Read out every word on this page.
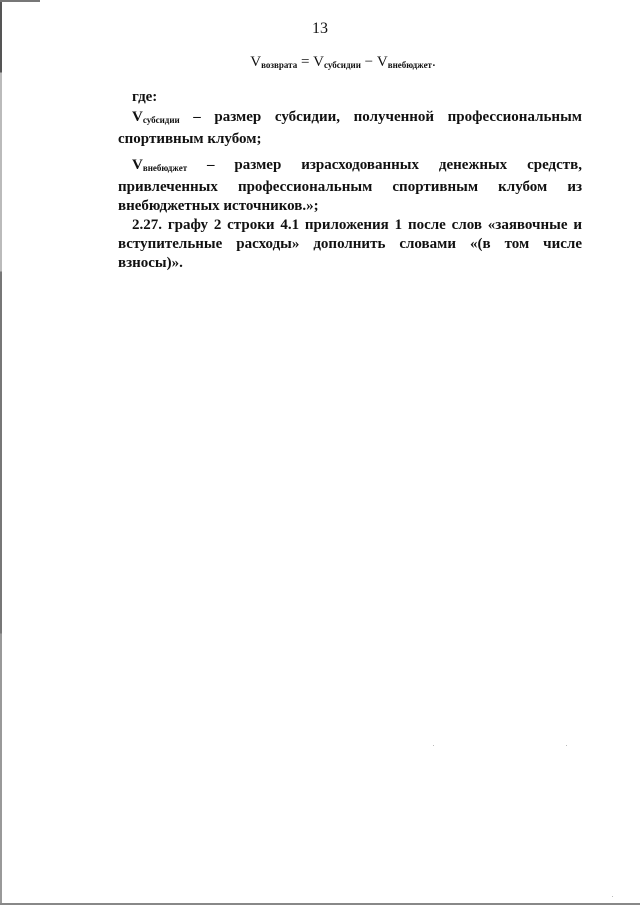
13
$V_{возврата} = V_{субсидии} - V_{внебюджет}$.

где:

$V_{субсидии}$ – размер субсидии, полученной профессиональным спортивным клубом;

$V_{внебюджет}$ – размер израсходованных денежных средств, привлеченных профессиональным спортивным клубом из внебюджетных источников.»;

2.27. графу 2 строки 4.1 приложения 1 после слов «заявочные и вступительные расходы» дополнить словами «(в том числе взносы)».
